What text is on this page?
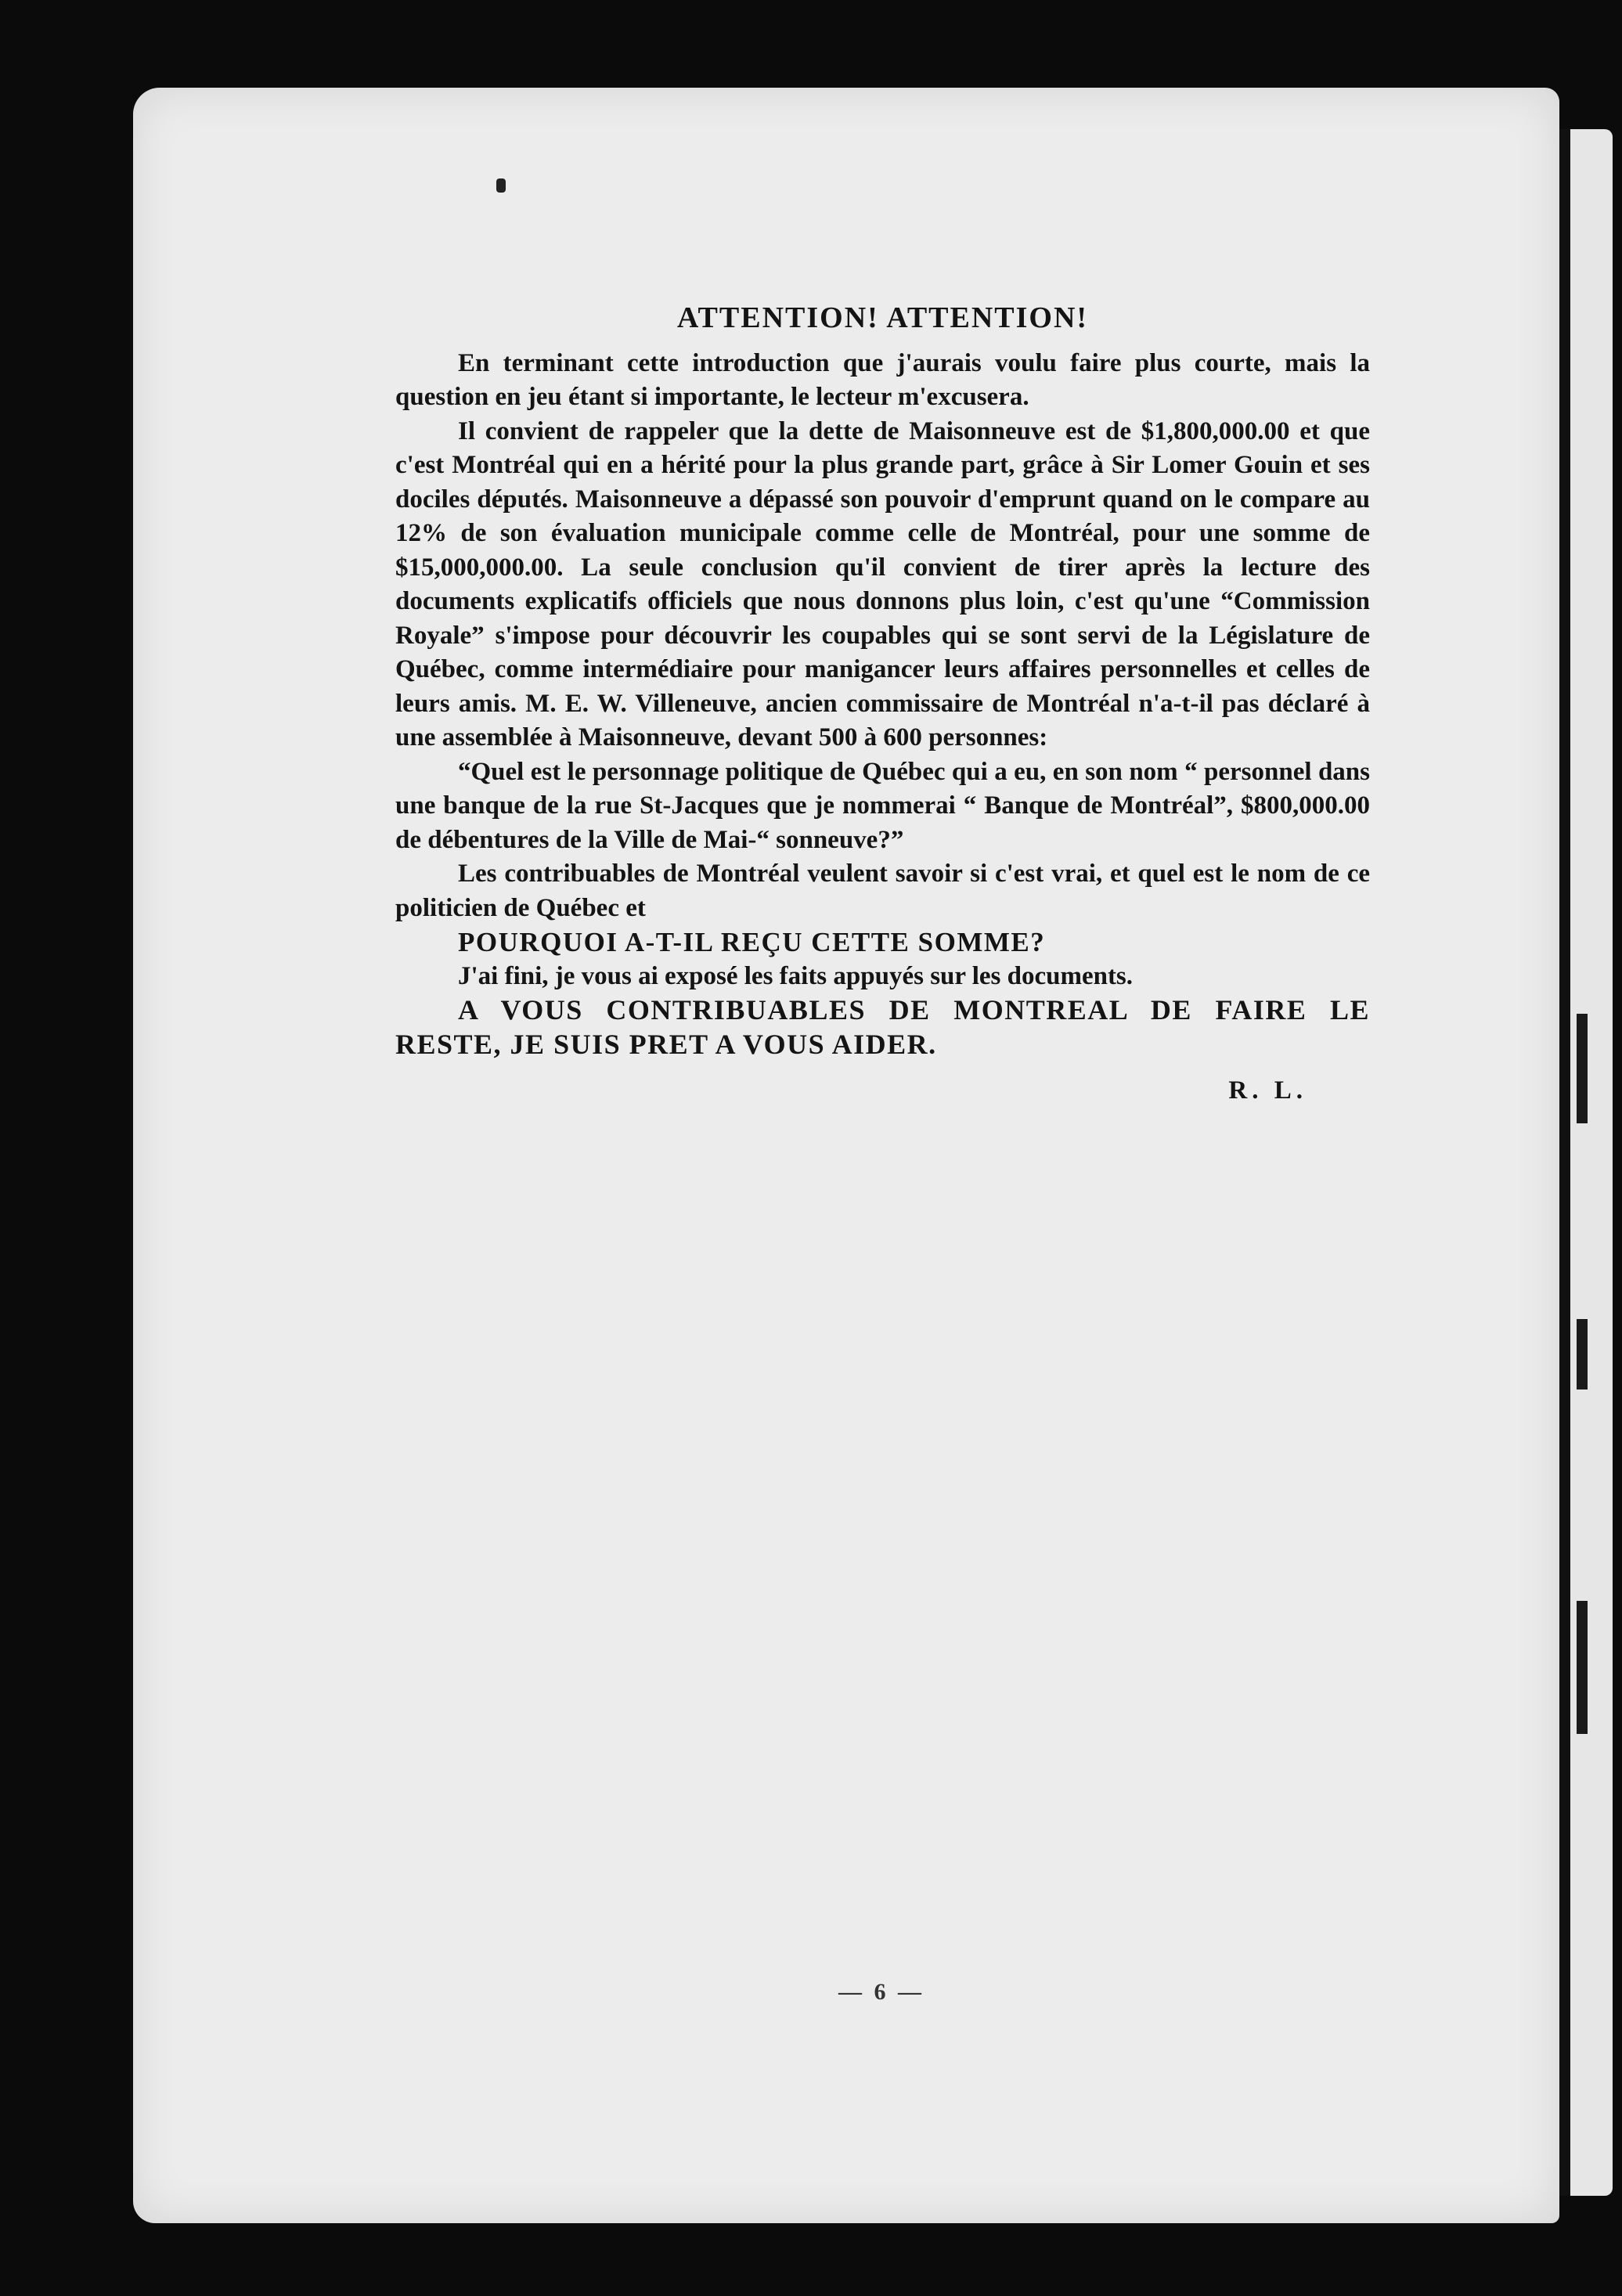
ATTENTION! ATTENTION!

En terminant cette introduction que j'aurais voulu faire plus courte, mais la question en jeu étant si importante, le lecteur m'excusera.

Il convient de rappeler que la dette de Maisonneuve est de $1,800,000.00 et que c'est Montréal qui en a hérité pour la plus grande part, grâce à Sir Lomer Gouin et ses dociles députés. Maisonneuve a dépassé son pouvoir d'emprunt quand on le compare au 12% de son évaluation municipale comme celle de Montréal, pour une somme de $15,000,000.00. La seule conclusion qu'il convient de tirer après la lecture des documents explicatifs officiels que nous donnons plus loin, c'est qu'une “Commission Royale” s'impose pour découvrir les coupables qui se sont servi de la Législature de Québec, comme intermédiaire pour manigancer leurs affaires personnelles et celles de leurs amis. M. E. W. Villeneuve, ancien commissaire de Montréal n'a-t-il pas déclaré à une assemblée à Maisonneuve, devant 500 à 600 personnes:

“Quel est le personnage politique de Québec qui a eu, en son nom “ personnel dans une banque de la rue St-Jacques que je nommerai “ Banque de Montréal”, $800,000.00 de débentures de la Ville de Mai-“ sonneuve?”

Les contribuables de Montréal veulent savoir si c'est vrai, et quel est le nom de ce politicien de Québec et

POURQUOI A-T-IL REÇU CETTE SOMME?

J'ai fini, je vous ai exposé les faits appuyés sur les documents.

A VOUS CONTRIBUABLES DE MONTREAL DE FAIRE LE RESTE, JE SUIS PRET A VOUS AIDER.

R. L.

— 6 —
